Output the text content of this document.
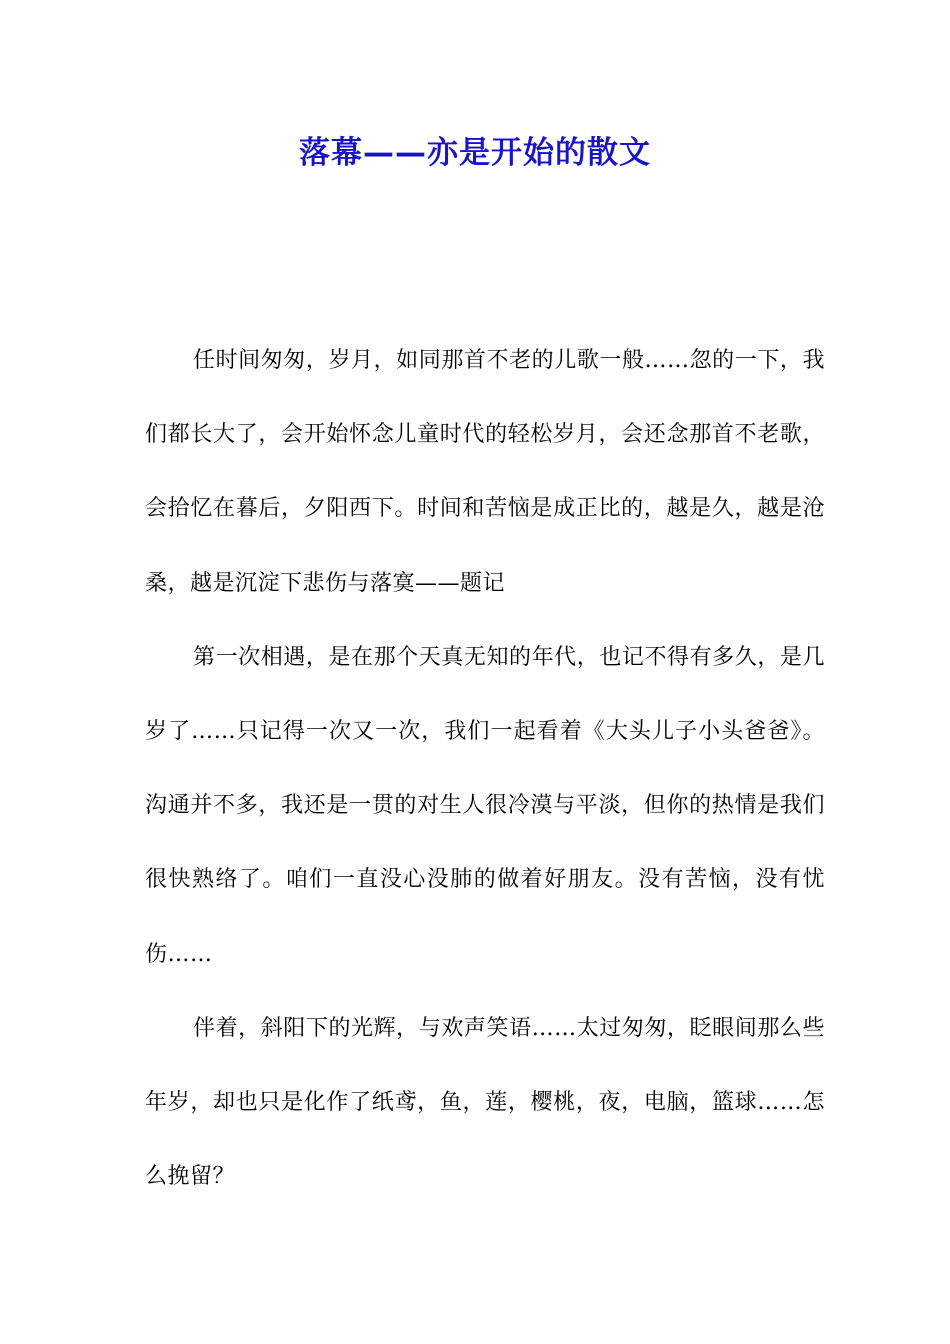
落幕——亦是开始的散文

任时间匆匆，岁月，如同那首不老的儿歌一般……忽的一下，我们都长大了，会开始怀念儿童时代的轻松岁月，会还念那首不老歌，会拾忆在暮后，夕阳西下。时间和苦恼是成正比的，越是久，越是沧桑，越是沉淀下悲伤与落寞——题记

第一次相遇，是在那个天真无知的年代，也记不得有多久，是几岁了……只记得一次又一次，我们一起看着《大头儿子小头爸爸》。沟通并不多，我还是一贯的对生人很冷漠与平淡，但你的热情是我们很快熟络了。咱们一直没心没肺的做着好朋友。没有苦恼，没有忧伤……

伴着，斜阳下的光辉，与欢声笑语……太过匆匆，眨眼间那么些年岁，却也只是化作了纸鸢，鱼，莲，樱桃，夜，电脑，篮球……怎么挽留？
